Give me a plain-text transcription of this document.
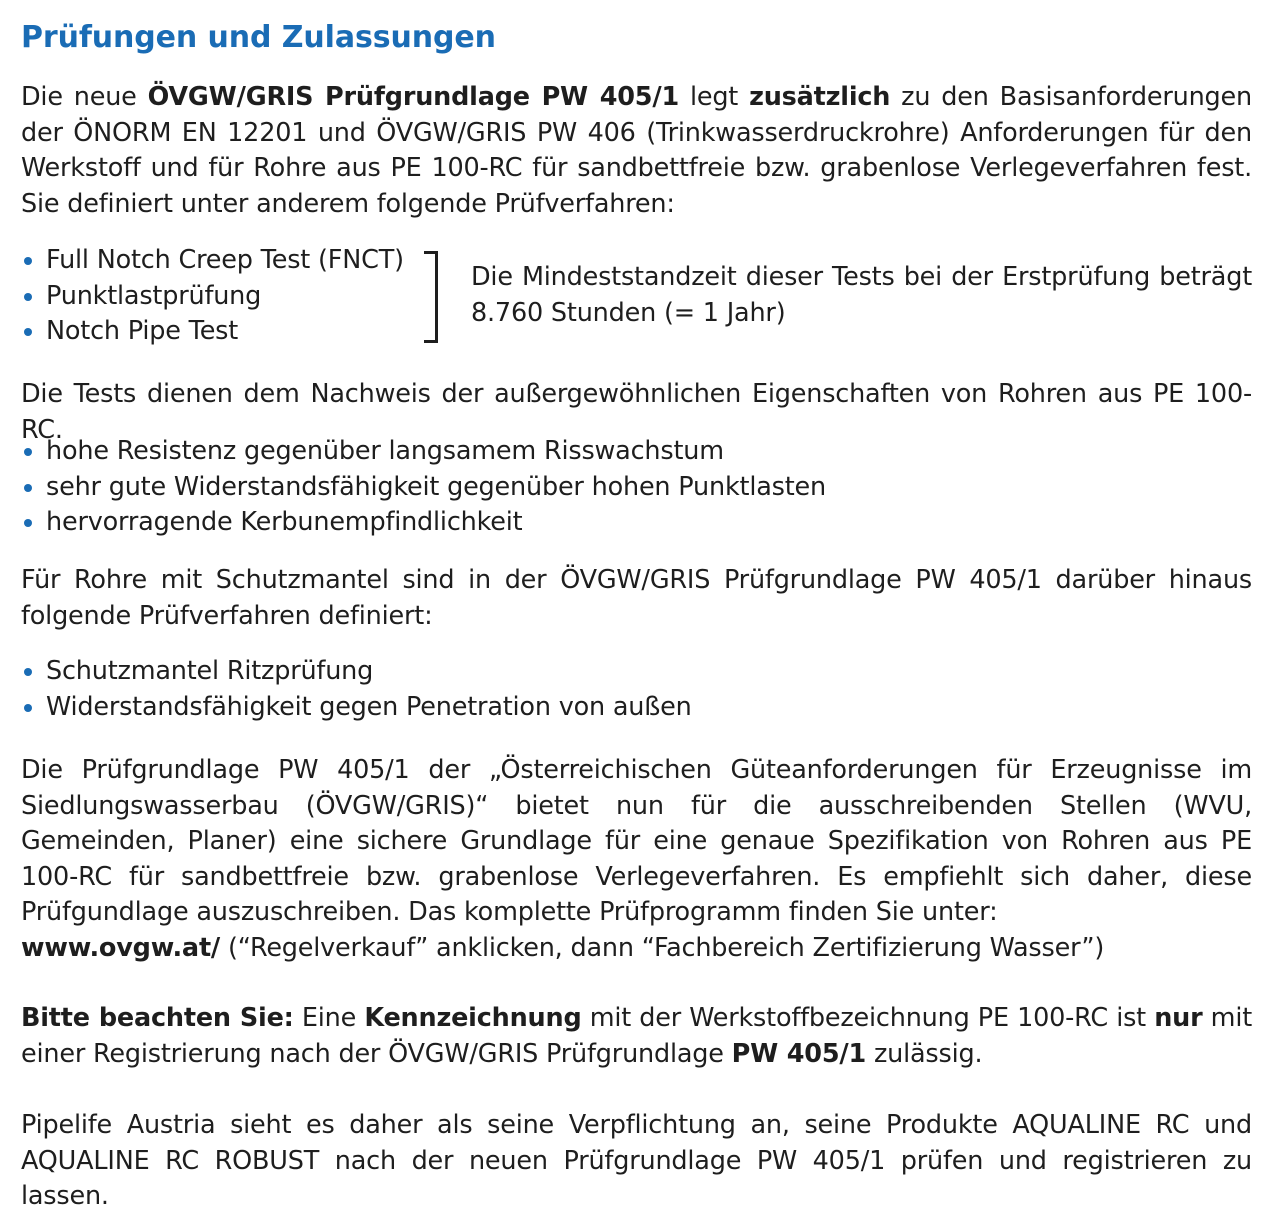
Prüfungen und Zulassungen

Die neue ÖVGW/GRIS Prüfgrundlage PW 405/1 legt zusätzlich zu den Basisanforderungen der ÖNORM EN 12201 und ÖVGW/GRIS PW 406 (Trinkwasserdruckrohre) Anforderungen für den Werkstoff und für Rohre aus PE 100-RC für sandbettfreie bzw. grabenlose Verlegeverfahren fest. Sie definiert unter anderem folgende Prüfverfahren:

Full Notch Creep Test (FNCT)
Punktlastprüfung
Notch Pipe Test

Die Mindeststandzeit dieser Tests bei der Erstprüfung beträgt 8.760 Stunden (= 1 Jahr)

Die Tests dienen dem Nachweis der außergewöhnlichen Eigenschaften von Rohren aus PE 100-RC.

hohe Resistenz gegenüber langsamem Risswachstum
sehr gute Widerstandsfähigkeit gegenüber hohen Punktlasten
hervorragende Kerbunempfindlichkeit

Für Rohre mit Schutzmantel sind in der ÖVGW/GRIS Prüfgrundlage PW 405/1 darüber hinaus folgende Prüfverfahren definiert:

Schutzmantel Ritzprüfung
Widerstandsfähigkeit gegen Penetration von außen

Die Prüfgrundlage PW 405/1 der „Österreichischen Güteanforderungen für Erzeugnisse im Siedlungswasserbau (ÖVGW/GRIS)“ bietet nun für die ausschreibenden Stellen (WVU, Gemeinden, Planer) eine sichere Grundlage für eine genaue Spezifikation von Rohren aus PE 100-RC für sandbettfreie bzw. grabenlose Verlegeverfahren. Es empfiehlt sich daher, diese Prüfgundlage auszuschreiben. Das komplette Prüfprogramm finden Sie unter:
www.ovgw.at/ (“Regelverkauf” anklicken, dann “Fachbereich Zertifizierung Wasser”)

Bitte beachten Sie: Eine Kennzeichnung mit der Werkstoffbezeichnung PE 100-RC ist nur mit einer Registrierung nach der ÖVGW/GRIS Prüfgrundlage PW 405/1 zulässig.

Pipelife Austria sieht es daher als seine Verpflichtung an, seine Produkte AQUALINE RC und AQUALINE RC ROBUST nach der neuen Prüfgrundlage PW 405/1 prüfen und registrieren zu lassen.
